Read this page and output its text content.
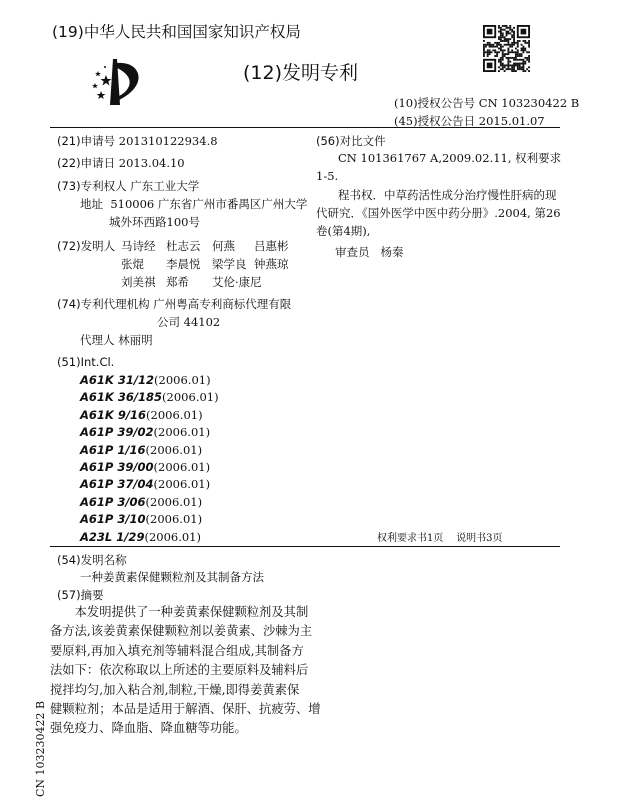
(19)中华人民共和国国家知识产权局
(12)发明专利
(10)授权公告号 CN 103230422 B
(45)授权公告日 2015.01.07
(21)申请号 201310122934.8
(22)申请日 2013.04.10
(73)专利权人 广东工业大学
地址 510006 广东省广州市番禺区广州大学
城外环西路100号
(72)发明人 马诗经 杜志云 何燕 吕惠彬
张焜 李晨悦 梁学良 钟燕琼
刘美祺 郑希 艾伦·康尼
(74)专利代理机构 广州粤高专利商标代理有限
公司 44102
代理人 林丽明
(51)Int.Cl.
A61K 31/12(2006.01)
A61K 36/185(2006.01)
A61K 9/16(2006.01)
A61P 39/02(2006.01)
A61P 1/16(2006.01)
A61P 39/00(2006.01)
A61P 37/04(2006.01)
A61P 3/06(2006.01)
A61P 3/10(2006.01)
A23L 1/29(2006.01)
(56)对比文件
CN 101361767 A,2009.02.11, 权利要求
1-5.
程书权．中草药活性成分治疗慢性肝病的现
代研究．《国外医学中医中药分册》.2004, 第26
卷(第4期),
审查员 杨秦
权利要求书1页 说明书3页
(54)发明名称
一种姜黄素保健颗粒剂及其制备方法
(57)摘要
　　本发明提供了一种姜黄素保健颗粒剂及其制
备方法,该姜黄素保健颗粒剂以姜黄素、沙棘为主
要原料,再加入填充剂等辅料混合组成,其制备方
法如下：依次称取以上所述的主要原料及辅料后
搅拌均匀,加入粘合剂,制粒,干燥,即得姜黄素保
健颗粒剂；本品是适用于解酒、保肝、抗疲劳、增
强免疫力、降血脂、降血糖等功能。
CN 103230422 B
